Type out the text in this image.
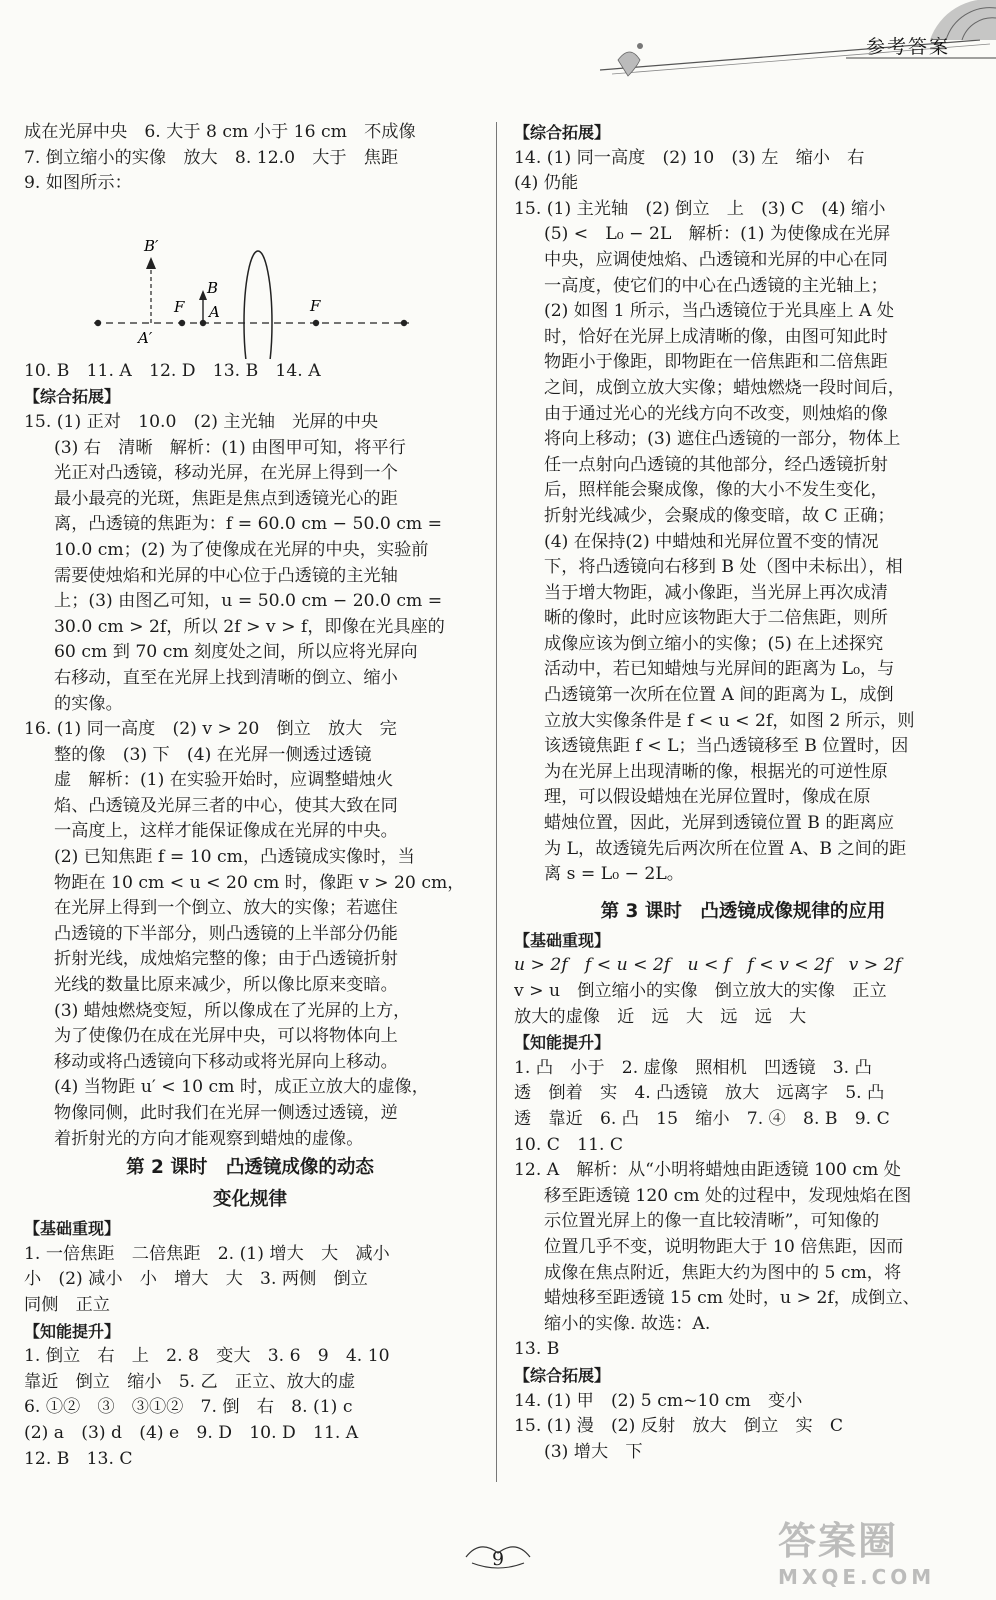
参考答案
成在光屏中央　6. 大于 8 cm 小于 16 cm　不成像
7. 倒立缩小的实像　放大　8. 12.0　大于　焦距
9. 如图所示：
B′
B
F A
A′
F
10. B　11. A　12. D　13. B　14. A
【综合拓展】
15. (1) 正对　10.0　(2) 主光轴　光屏的中央
(3) 右　清晰　解析：(1) 由图甲可知，将平行
光正对凸透镜，移动光屏，在光屏上得到一个
最小最亮的光斑，焦距是焦点到透镜光心的距
离，凸透镜的焦距为：f = 60.0 cm − 50.0 cm =
10.0 cm；(2) 为了使像成在光屏的中央，实验前
需要使烛焰和光屏的中心位于凸透镜的主光轴
上；(3) 由图乙可知，u = 50.0 cm − 20.0 cm =
30.0 cm > 2f，所以 2f > v > f，即像在光具座的
60 cm 到 70 cm 刻度处之间，所以应将光屏向
右移动，直至在光屏上找到清晰的倒立、缩小
的实像。
16. (1) 同一高度　(2) v > 20　倒立　放大　完
整的像　(3) 下　(4) 在光屏一侧透过透镜
虚　解析：(1) 在实验开始时，应调整蜡烛火
焰、凸透镜及光屏三者的中心，使其大致在同
一高度上，这样才能保证像成在光屏的中央。
(2) 已知焦距 f = 10 cm，凸透镜成实像时，当
物距在 10 cm < u < 20 cm 时，像距 v > 20 cm，
在光屏上得到一个倒立、放大的实像；若遮住
凸透镜的下半部分，则凸透镜的上半部分仍能
折射光线，成烛焰完整的像；由于凸透镜折射
光线的数量比原来减少，所以像比原来变暗。
(3) 蜡烛燃烧变短，所以像成在了光屏的上方，
为了使像仍在成在光屏中央，可以将物体向上
移动或将凸透镜向下移动或将光屏向上移动。
(4) 当物距 u′ < 10 cm 时，成正立放大的虚像，
物像同侧，此时我们在光屏一侧透过透镜，逆
着折射光的方向才能观察到蜡烛的虚像。
第 2 课时　凸透镜成像的动态
变化规律
【基础重现】
1. 一倍焦距　二倍焦距　2. (1) 增大　大　减小
小　(2) 减小　小　增大　大　3. 两侧　倒立
同侧　正立
【知能提升】
1. 倒立　右　上　2. 8　变大　3. 6　9　4. 10
靠近　倒立　缩小　5. 乙　正立、放大的虚
6. ①②　③　③①②　7. 倒　右　8. (1) c
(2) a　(3) d　(4) e　9. D　10. D　11. A
12. B　13. C
【综合拓展】
14. (1) 同一高度　(2) 10　(3) 左　缩小　右
(4) 仍能
15. (1) 主光轴　(2) 倒立　上　(3) C　(4) 缩小
(5) <　L₀ − 2L　解析：(1) 为使像成在光屏
中央，应调使烛焰、凸透镜和光屏的中心在同
一高度，使它们的中心在凸透镜的主光轴上；
(2) 如图 1 所示，当凸透镜位于光具座上 A 处
时，恰好在光屏上成清晰的像，由图可知此时
物距小于像距，即物距在一倍焦距和二倍焦距
之间，成倒立放大实像；蜡烛燃烧一段时间后，
由于通过光心的光线方向不改变，则烛焰的像
将向上移动；(3) 遮住凸透镜的一部分，物体上
任一点射向凸透镜的其他部分，经凸透镜折射
后，照样能会聚成像，像的大小不发生变化，
折射光线减少，会聚成的像变暗，故 C 正确；
(4) 在保持(2) 中蜡烛和光屏位置不变的情况
下，将凸透镜向右移到 B 处（图中未标出），相
当于增大物距，减小像距，当光屏上再次成清
晰的像时，此时应该物距大于二倍焦距，则所
成像应该为倒立缩小的实像；(5) 在上述探究
活动中，若已知蜡烛与光屏间的距离为 L₀，与
凸透镜第一次所在位置 A 间的距离为 L，成倒
立放大实像条件是 f < u < 2f，如图 2 所示，则
该透镜焦距 f < L；当凸透镜移至 B 位置时，因
为在光屏上出现清晰的像，根据光的可逆性原
理，可以假设蜡烛在光屏位置时，像成在原
蜡烛位置，因此，光屏到透镜位置 B 的距离应
为 L，故透镜先后两次所在位置 A、B 之间的距
离 s = L₀ − 2L。
第 3 课时　凸透镜成像规律的应用
【基础重现】
u > 2f　f < u < 2f　u < f　f < v < 2f　v > 2f
v > u　倒立缩小的实像　倒立放大的实像　正立
放大的虚像　近　远　大　远　远　大
【知能提升】
1. 凸　小于　2. 虚像　照相机　凹透镜　3. 凸
透　倒着　实　4. 凸透镜　放大　远离字　5. 凸
透　靠近　6. 凸　15　缩小　7. ④　8. B　9. C
10. C　11. C
12. A　解析：从“小明将蜡烛由距透镜 100 cm 处
移至距透镜 120 cm 处的过程中，发现烛焰在图
示位置光屏上的像一直比较清晰”，可知像的
位置几乎不变，说明物距大于 10 倍焦距，因而
成像在焦点附近，焦距大约为图中的 5 cm，将
蜡烛移至距透镜 15 cm 处时，u > 2f，成倒立、
缩小的实像. 故选：A.
13. B
【综合拓展】
14. (1) 甲　(2) 5 cm~10 cm　变小
15. (1) 漫　(2) 反射　放大　倒立　实　C
(3) 增大　下
9	答案圈
MXQE.COM
